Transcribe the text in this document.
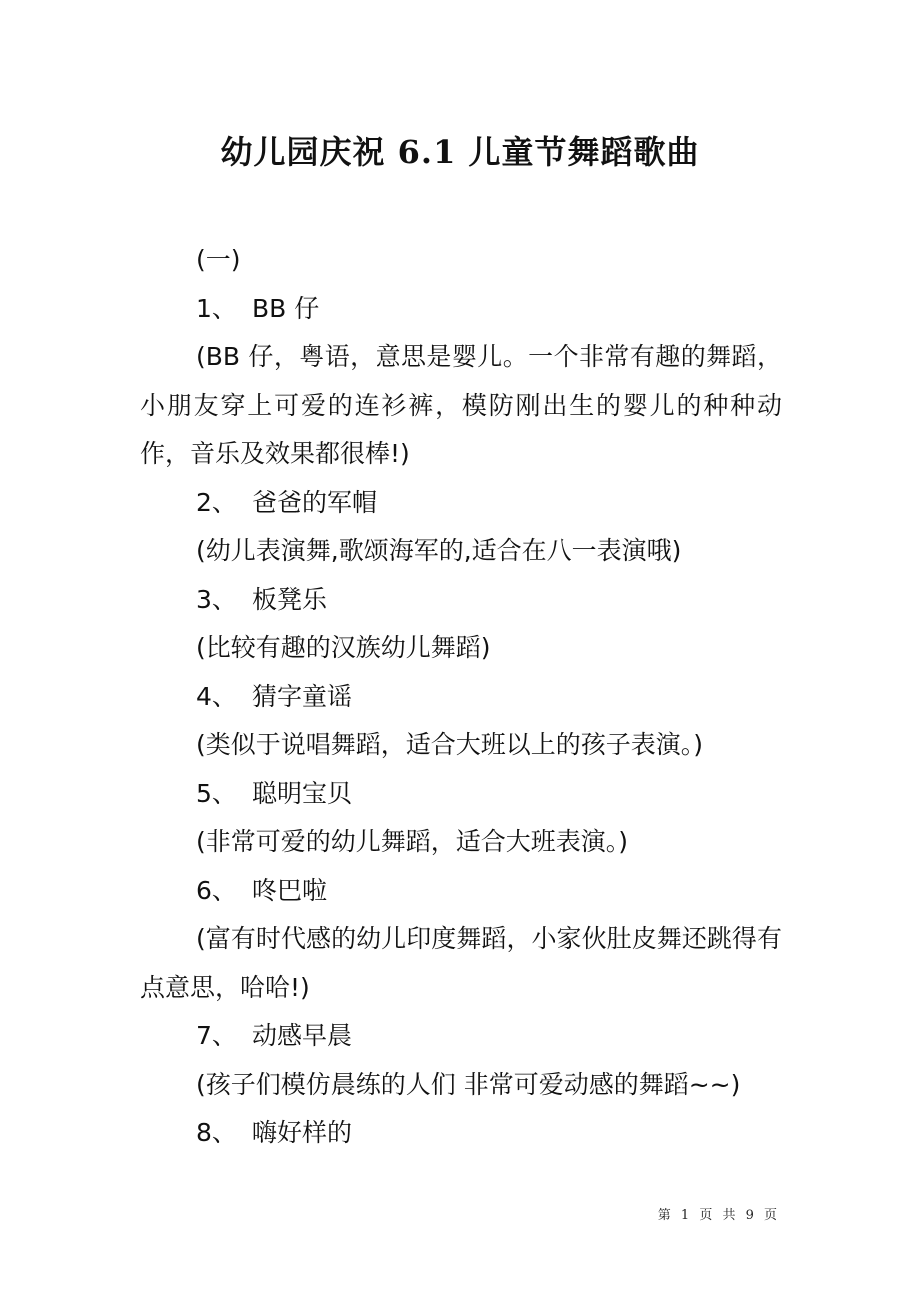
幼儿园庆祝 6.1 儿童节舞蹈歌曲
(一)
1、 BB 仔
(BB 仔，粤语，意思是婴儿。一个非常有趣的舞蹈，小朋友穿上可爱的连衫裤，模防刚出生的婴儿的种种动作，音乐及效果都很棒!)
2、 爸爸的军帽
(幼儿表演舞,歌颂海军的,适合在八一表演哦)
3、 板凳乐
(比较有趣的汉族幼儿舞蹈)
4、 猜字童谣
(类似于说唱舞蹈，适合大班以上的孩子表演。)
5、 聪明宝贝
(非常可爱的幼儿舞蹈，适合大班表演。)
6、 咚巴啦
(富有时代感的幼儿印度舞蹈，小家伙肚皮舞还跳得有点意思，哈哈!)
7、 动感早晨
(孩子们模仿晨练的人们 非常可爱动感的舞蹈~~)
8、 嗨好样的
第 1 页 共 9 页
